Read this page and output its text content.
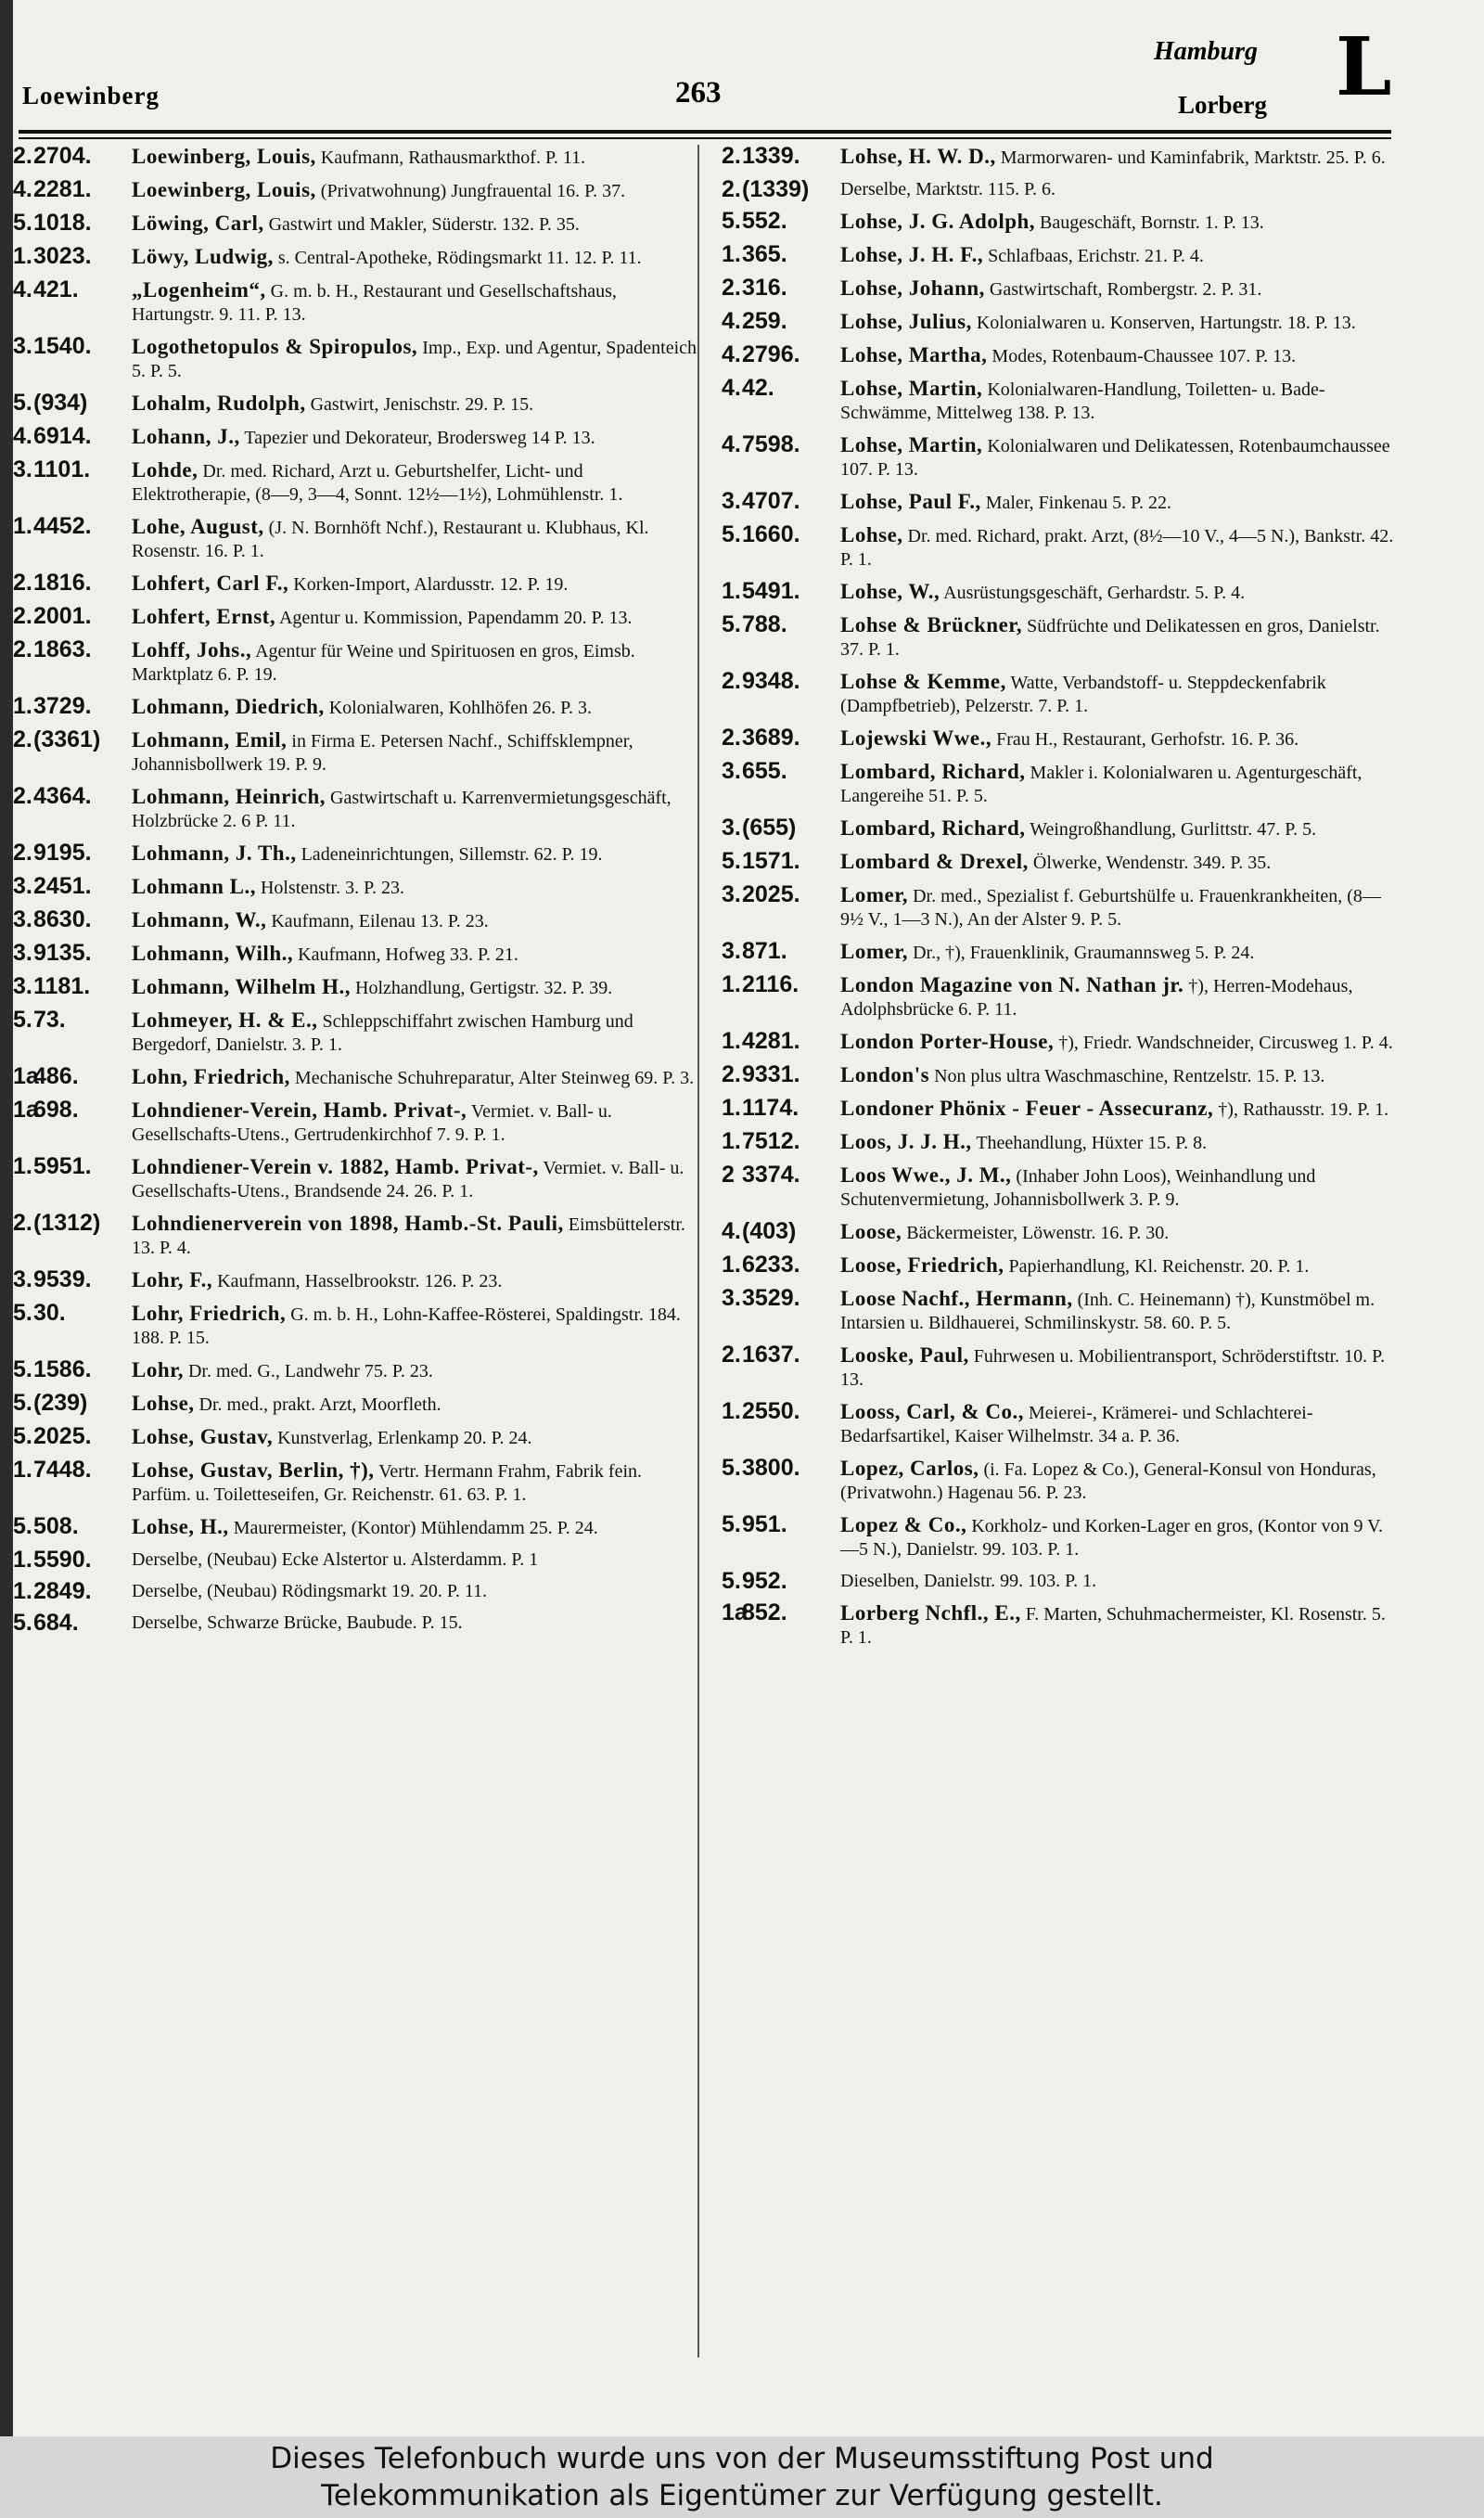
Loewinberg	263
Hamburg
Lorberg L
2.2704.	Loewinberg, Louis, Kaufmann, Rathausmarkthof. P. 11.
4.2281.	Loewinberg, Louis, (Privatwohnung) Jungfrauental 16. P. 37.
5.1018.	Löwing, Carl, Gastwirt und Makler, Süderstr. 132. P. 35.
1.3023.	Löwy, Ludwig, s. Central-Apotheke, Rödingsmarkt 11. 12. P. 11.
4.421.	„Logenheim“, G. m. b. H., Restaurant und Gesellschaftshaus, Hartungstr. 9. 11. P. 13.
3.1540.	Logothetopulos & Spiropulos, Imp., Exp. und Agentur, Spadenteich 5. P. 5.
5.(934)	Lohalm, Rudolph, Gastwirt, Jenischstr. 29. P. 15.
4.6914.	Lohann, J., Tapezier und Dekorateur, Brodersweg 14 P. 13.
3.1101.	Lohde, Dr. med. Richard, Arzt u. Geburtshelfer, Licht- und Elektrotherapie, (8—9, 3—4, Sonnt. 12½—1½), Lohmühlenstr. 1.
1.4452.	Lohe, August, (J. N. Bornhöft Nchf.), Restaurant u. Klubhaus, Kl. Rosenstr. 16. P. 1.
2.1816.	Lohfert, Carl F., Korken-Import, Alardusstr. 12. P. 19.
2.2001.	Lohfert, Ernst, Agentur u. Kommission, Papendamm 20. P. 13.
2.1863.	Lohff, Johs., Agentur für Weine und Spirituosen en gros, Eimsb. Marktplatz 6. P. 19.
1.3729.	Lohmann, Diedrich, Kolonialwaren, Kohlhöfen 26. P. 3.
2.(3361)	Lohmann, Emil, in Firma E. Petersen Nachf., Schiffsklempner, Johannisbollwerk 19. P. 9.
2.4364.	Lohmann, Heinrich, Gastwirtschaft u. Karrenvermietungsgeschäft, Holzbrücke 2. 6 P. 11.
2.9195.	Lohmann, J. Th., Ladeneinrichtungen, Sillemstr. 62. P. 19.
3.2451.	Lohmann L., Holstenstr. 3. P. 23.
3.8630.	Lohmann, W., Kaufmann, Eilenau 13. P. 23.
3.9135.	Lohmann, Wilh., Kaufmann, Hofweg 33. P. 21.
3.1181.	Lohmann, Wilhelm H., Holzhandlung, Gertigstr. 32. P. 39.
5.73.	Lohmeyer, H. & E., Schleppschiffahrt zwischen Hamburg und Bergedorf, Danielstr. 3. P. 1.
1a486.	Lohn, Friedrich, Mechanische Schuhreparatur, Alter Steinweg 69. P. 3.
1a698.	Lohndiener-Verein, Hamb. Privat-, Vermiet. v. Ball- u. Gesellschafts-Utens., Gertrudenkirchhof 7. 9. P. 1.
1.5951.	Lohndiener-Verein v. 1882, Hamb. Privat-, Vermiet. v. Ball- u. Gesellschafts-Utens., Brandsende 24. 26. P. 1.
2.(1312)	Lohndienerverein von 1898, Hamb.-St. Pauli, Eimsbüttelerstr. 13. P. 4.
3.9539.	Lohr, F., Kaufmann, Hasselbrookstr. 126. P. 23.
5.30.	Lohr, Friedrich, G. m. b. H., Lohn-Kaffee-Rösterei, Spaldingstr. 184. 188. P. 15.
5.1586.	Lohr, Dr. med. G., Landwehr 75. P. 23.
5.(239)	Lohse, Dr. med., prakt. Arzt, Moorfleth.
5.2025.	Lohse, Gustav, Kunstverlag, Erlenkamp 20. P. 24.
1.7448.	Lohse, Gustav, Berlin, †), Vertr. Hermann Frahm, Fabrik fein. Parfüm. u. Toiletteseifen, Gr. Reichenstr. 61. 63. P. 1.
5.508.	Lohse, H., Maurermeister, (Kontor) Mühlendamm 25. P. 24.
1.5590.	Derselbe, (Neubau) Ecke Alstertor u. Alsterdamm. P. 1
1.2849.	Derselbe, (Neubau) Rödingsmarkt 19. 20. P. 11.
5.684.	Derselbe, Schwarze Brücke, Baubude. P. 15.
2.1339.	Lohse, H. W. D., Marmorwaren- und Kaminfabrik, Marktstr. 25. P. 6.
2.(1339)	Derselbe, Marktstr. 115. P. 6.
5.552.	Lohse, J. G. Adolph, Baugeschäft, Bornstr. 1. P. 13.
1.365.	Lohse, J. H. F., Schlafbaas, Erichstr. 21. P. 4.
2.316.	Lohse, Johann, Gastwirtschaft, Rombergstr. 2. P. 31.
4.259.	Lohse, Julius, Kolonialwaren u. Konserven, Hartungstr. 18. P. 13.
4.2796.	Lohse, Martha, Modes, Rotenbaum-Chaussee 107. P. 13.
4.42.	Lohse, Martin, Kolonialwaren-Handlung, Toiletten- u. Bade-Schwämme, Mittelweg 138. P. 13.
4.7598.	Lohse, Martin, Kolonialwaren und Delikatessen, Rotenbaumchaussee 107. P. 13.
3.4707.	Lohse, Paul F., Maler, Finkenau 5. P. 22.
5.1660.	Lohse, Dr. med. Richard, prakt. Arzt, (8½—10 V., 4—5 N.), Bankstr. 42. P. 1.
1.5491.	Lohse, W., Ausrüstungsgeschäft, Gerhardstr. 5. P. 4.
5.788.	Lohse & Brückner, Südfrüchte und Delikatessen en gros, Danielstr. 37. P. 1.
2.9348.	Lohse & Kemme, Watte, Verbandstoff- u. Steppdeckenfabrik (Dampfbetrieb), Pelzerstr. 7. P. 1.
2.3689.	Lojewski Wwe., Frau H., Restaurant, Gerhofstr. 16. P. 36.
3.655.	Lombard, Richard, Makler i. Kolonialwaren u. Agenturgeschäft, Langereihe 51. P. 5.
3.(655)	Lombard, Richard, Weingroßhandlung, Gurlittstr. 47. P. 5.
5.1571.	Lombard & Drexel, Ölwerke, Wendenstr. 349. P. 35.
3.2025.	Lomer, Dr. med., Spezialist f. Geburtshülfe u. Frauenkrankheiten, (8—9½ V., 1—3 N.), An der Alster 9. P. 5.
3.871.	Lomer, Dr., †), Frauenklinik, Graumannsweg 5. P. 24.
1.2116.	London Magazine von N. Nathan jr. †), Herren-Modehaus, Adolphsbrücke 6. P. 11.
1.4281.	London Porter-House, †), Friedr. Wandschneider, Circusweg 1. P. 4.
2.9331.	London's Non plus ultra Waschmaschine, Rentzelstr. 15. P. 13.
1.1174.	Londoner Phönix - Feuer - Assecuranz, †), Rathausstr. 19. P. 1.
1.7512.	Loos, J. J. H., Theehandlung, Hüxter 15. P. 8.
2 3374.	Loos Wwe., J. M., (Inhaber John Loos), Weinhandlung und Schutenvermietung, Johannisbollwerk 3. P. 9.
4.(403)	Loose, Bäckermeister, Löwenstr. 16. P. 30.
1.6233.	Loose, Friedrich, Papierhandlung, Kl. Reichenstr. 20. P. 1.
3.3529.	Loose Nachf., Hermann, (Inh. C. Heinemann) †), Kunstmöbel m. Intarsien u. Bildhauerei, Schmilinskystr. 58. 60. P. 5.
2.1637.	Looske, Paul, Fuhrwesen u. Mobilientransport, Schröderstiftstr. 10. P. 13.
1.2550.	Looss, Carl, & Co., Meierei-, Krämerei- und Schlachterei-Bedarfsartikel, Kaiser Wilhelmstr. 34 a. P. 36.
5.3800.	Lopez, Carlos, (i. Fa. Lopez & Co.), General-Konsul von Honduras, (Privatwohn.) Hagenau 56. P. 23.
5.951.	Lopez & Co., Korkholz- und Korken-Lager en gros, (Kontor von 9 V.—5 N.), Danielstr. 99. 103. P. 1.
5.952.	Dieselben, Danielstr. 99. 103. P. 1.
1a852.	Lorberg Nchfl., E., F. Marten, Schuhmachermeister, Kl. Rosenstr. 5. P. 1.
Dieses Telefonbuch wurde uns von der Museumsstiftung Post und
Telekommunikation als Eigentümer zur Verfügung gestellt.
